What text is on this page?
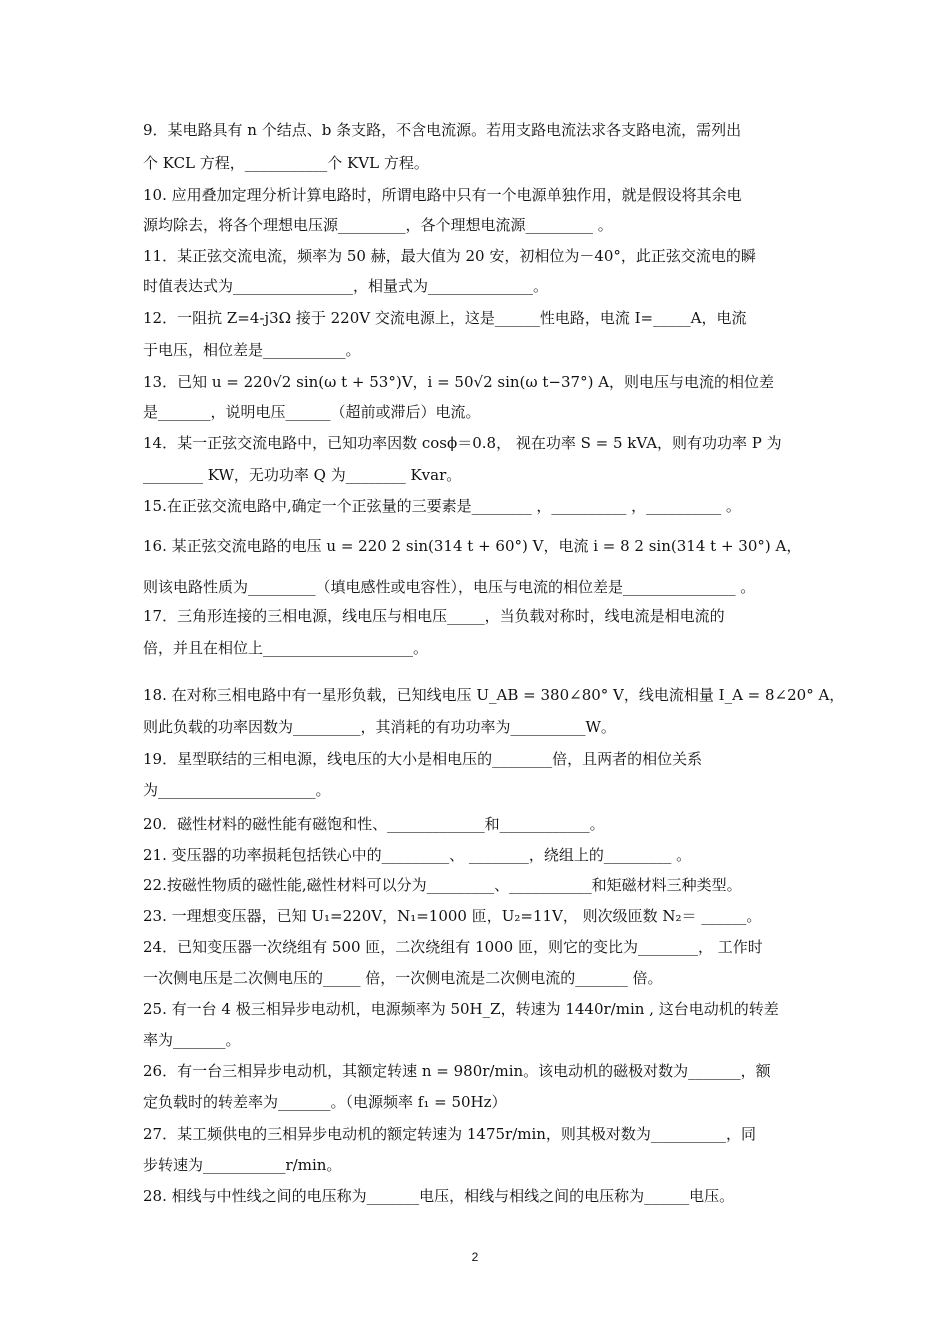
9．某电路具有 n 个结点、b 条支路，不含电流源。若用支路电流法求各支路电流，需列出
个 KCL 方程，___________个 KVL 方程。
10. 应用叠加定理分析计算电路时，所谓电路中只有一个电源单独作用，就是假设将其余电
源均除去，将各个理想电压源_________，各个理想电流源_________ 。
11．某正弦交流电流，频率为 50 赫，最大值为 20 安，初相位为－40°，此正弦交流电的瞬
时值表达式为________________，相量式为______________。
12．一阻抗 Z=4-j3Ω 接于 220V 交流电源上，这是______性电路，电流 I=_____A，电流
于电压，相位差是___________。
13．已知 u = 220√2 sin(ω t + 53°)V，i = 50√2 sin(ω t−37°) A，则电压与电流的相位差
是_______，说明电压______（超前或滞后）电流。
14．某一正弦交流电路中，已知功率因数 cosϕ＝0.8， 视在功率 S = 5 kVA，则有功功率 P 为
________ KW，无功功率 Q 为________ Kvar。
15.在正弦交流电路中,确定一个正弦量的三要素是________ ，__________ ，__________ 。
16. 某正弦交流电路的电压 u = 220 2 sin(314 t + 60°) V，电流 i = 8 2 sin(314 t + 30°) A，
则该电路性质为_________（填电感性或电容性），电压与电流的相位差是_______________ 。
17．三角形连接的三相电源，线电压与相电压_____，当负载对称时，线电流是相电流的
倍，并且在相位上____________________。
18. 在对称三相电路中有一星形负载，已知线电压 U_AB = 380∠80° V，线电流相量 I_A = 8∠20° A，
则此负载的功率因数为_________，其消耗的有功功率为__________W。
19．星型联结的三相电源，线电压的大小是相电压的________倍，且两者的相位关系
为_____________________。
20．磁性材料的磁性能有磁饱和性、_____________和____________。
21. 变压器的功率损耗包括铁心中的_________、 ________，绕组上的_________ 。
22.按磁性物质的磁性能,磁性材料可以分为_________、___________和矩磁材料三种类型。
23. 一理想变压器，已知 U₁=220V，N₁=1000 匝，U₂=11V， 则次级匝数 N₂＝ ______。
24．已知变压器一次绕组有 500 匝，二次绕组有 1000 匝，则它的变比为________， 工作时
一次侧电压是二次侧电压的_____ 倍，一次侧电流是二次侧电流的_______ 倍。
25. 有一台 4 极三相异步电动机，电源频率为 50H_Z，转速为 1440r/min , 这台电动机的转差
率为_______。
26．有一台三相异步电动机，其额定转速 n = 980r/min。该电动机的磁极对数为_______，额
定负载时的转差率为_______。（电源频率 f₁ = 50Hz）
27．某工频供电的三相异步电动机的额定转速为 1475r/min，则其极对数为__________，同
步转速为___________r/min。
28. 相线与中性线之间的电压称为_______电压，相线与相线之间的电压称为______电压。
2
